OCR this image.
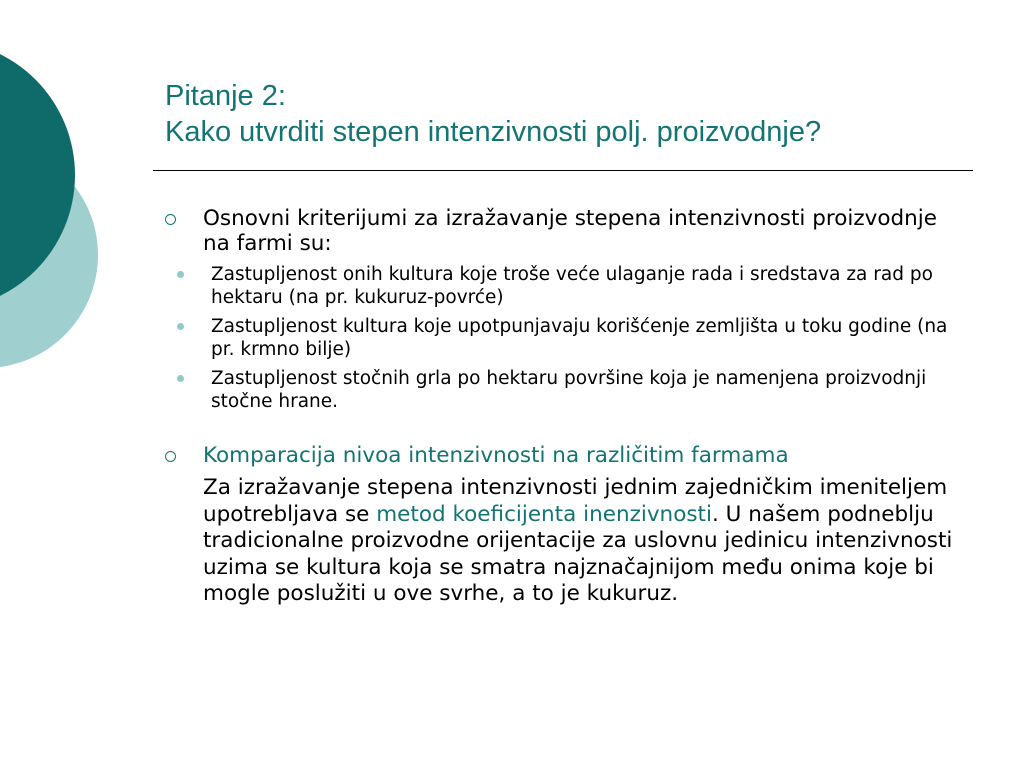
Pitanje 2:
Kako utvrditi stepen intenzivnosti polj. proizvodnje?
Osnovni kriterijumi za izražavanje stepena intenzivnosti proizvodnje na farmi su:
Zastupljenost onih kultura koje troše veće ulaganje rada i sredstava za rad po hektaru (na pr. kukuruz-povrće)
Zastupljenost kultura koje upotpunjavaju korišćenje zemljišta u toku godine (na pr. krmno bilje)
Zastupljenost stočnih grla po hektaru površine koja je namenjena proizvodnji stočne hrane.
Komparacija nivoa intenzivnosti na različitim farmama
Za izražavanje stepena intenzivnosti jednim zajedničkim imeniteljem upotrebljava se metod koeficijenta inenzivnosti. U našem podneblju tradicionalne proizvodne orijentacije za uslovnu jedinicu intenzivnosti uzima se kultura koja se smatra najznačajnijom među onima koje bi mogle poslužiti u ove svrhe, a to je kukuruz.
